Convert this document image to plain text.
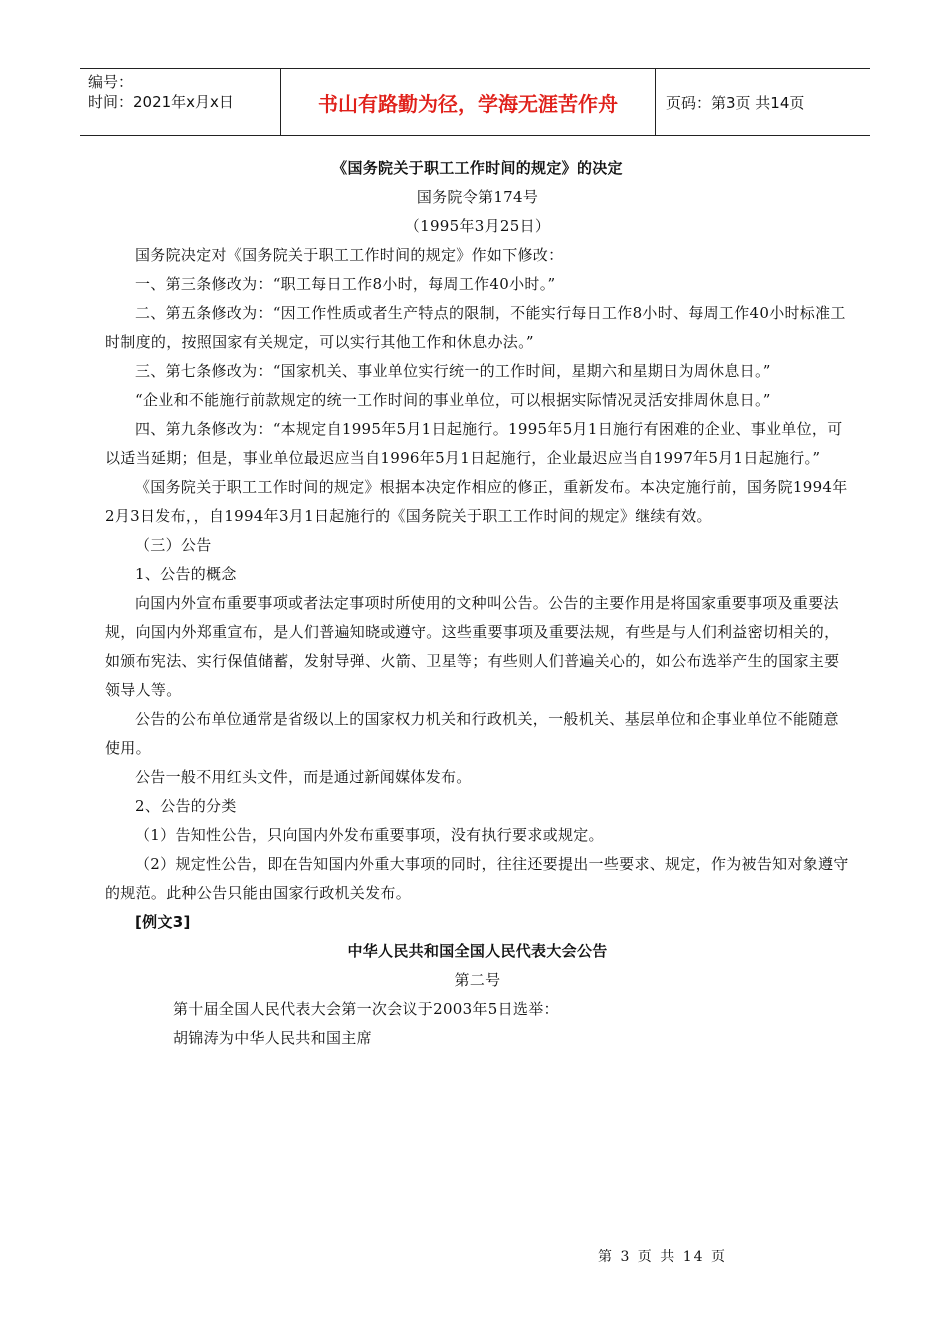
编号：
时间：2021年x月x日	书山有路勤为径，学海无涯苦作舟	页码：第3页 共14页

《国务院关于职工工作时间的规定》的决定

国务院令第174号

（1995年3月25日）

国务院决定对《国务院关于职工工作时间的规定》作如下修改：

一、第三条修改为：“职工每日工作8小时，每周工作40小时。”

二、第五条修改为：“因工作性质或者生产特点的限制，不能实行每日工作8小时、每周工作40小时标准工时制度的，按照国家有关规定，可以实行其他工作和休息办法。”

三、第七条修改为：“国家机关、事业单位实行统一的工作时间，星期六和星期日为周休息日。”

“企业和不能施行前款规定的统一工作时间的事业单位，可以根据实际情况灵活安排周休息日。”

四、第九条修改为：“本规定自1995年5月1日起施行。1995年5月1日施行有困难的企业、事业单位，可以适当延期；但是，事业单位最迟应当自1996年5月1日起施行，企业最迟应当自1997年5月1日起施行。”

《国务院关于职工工作时间的规定》根据本决定作相应的修正，重新发布。本决定施行前，国务院1994年2月3日发布，，自1994年3月1日起施行的《国务院关于职工工作时间的规定》继续有效。

（三）公告

1、公告的概念

向国内外宣布重要事项或者法定事项时所使用的文种叫公告。公告的主要作用是将国家重要事项及重要法规，向国内外郑重宣布，是人们普遍知晓或遵守。这些重要事项及重要法规，有些是与人们利益密切相关的，如颁布宪法、实行保值储蓄，发射导弹、火箭、卫星等；有些则人们普遍关心的，如公布选举产生的国家主要领导人等。

公告的公布单位通常是省级以上的国家权力机关和行政机关，一般机关、基层单位和企事业单位不能随意使用。

公告一般不用红头文件，而是通过新闻媒体发布。

2、公告的分类

（1）告知性公告，只向国内外发布重要事项，没有执行要求或规定。

（2）规定性公告，即在告知国内外重大事项的同时，往往还要提出一些要求、规定，作为被告知对象遵守的规范。此种公告只能由国家行政机关发布。

[例文3]

中华人民共和国全国人民代表大会公告

第二号

第十届全国人民代表大会第一次会议于2003年5日选举：

胡锦涛为中华人民共和国主席

第 3 页 共 14 页
